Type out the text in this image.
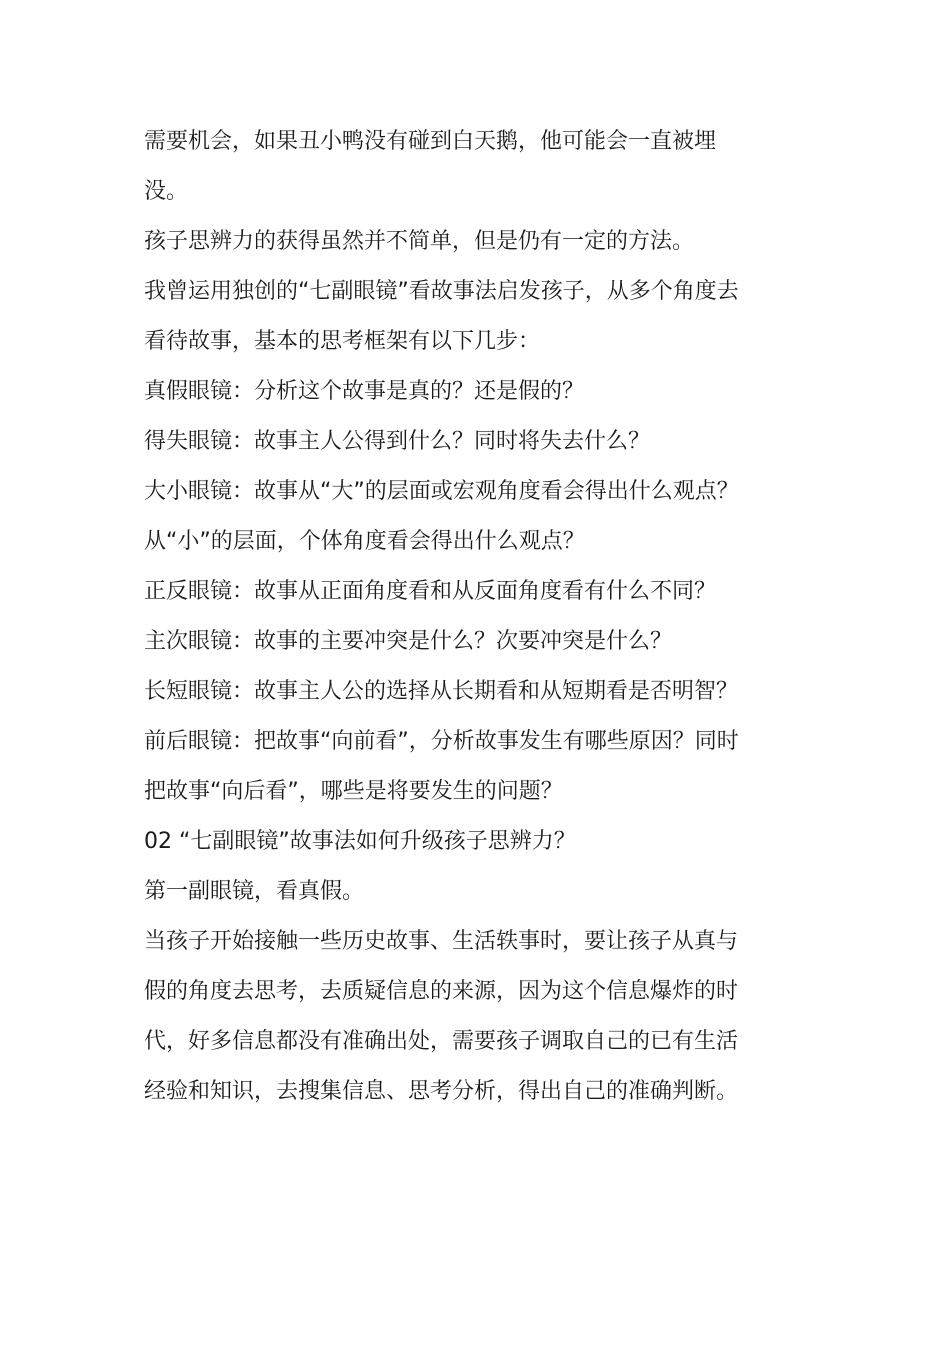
需要机会，如果丑小鸭没有碰到白天鹅，他可能会一直被埋没。

孩子思辨力的获得虽然并不简单，但是仍有一定的方法。

我曾运用独创的“七副眼镜”看故事法启发孩子，从多个角度去看待故事，基本的思考框架有以下几步：

真假眼镜：分析这个故事是真的？还是假的？

得失眼镜：故事主人公得到什么？同时将失去什么？

大小眼镜：故事从“大”的层面或宏观角度看会得出什么观点？从“小”的层面，个体角度看会得出什么观点？

正反眼镜：故事从正面角度看和从反面角度看有什么不同？

主次眼镜：故事的主要冲突是什么？次要冲突是什么？

长短眼镜：故事主人公的选择从长期看和从短期看是否明智？

前后眼镜：把故事“向前看”，分析故事发生有哪些原因？同时把故事“向后看”，哪些是将要发生的问题？

02 “七副眼镜”故事法如何升级孩子思辨力？

第一副眼镜，看真假。

当孩子开始接触一些历史故事、生活轶事时，要让孩子从真与假的角度去思考，去质疑信息的来源，因为这个信息爆炸的时代，好多信息都没有准确出处，需要孩子调取自己的已有生活经验和知识，去搜集信息、思考分析，得出自己的准确判断。
